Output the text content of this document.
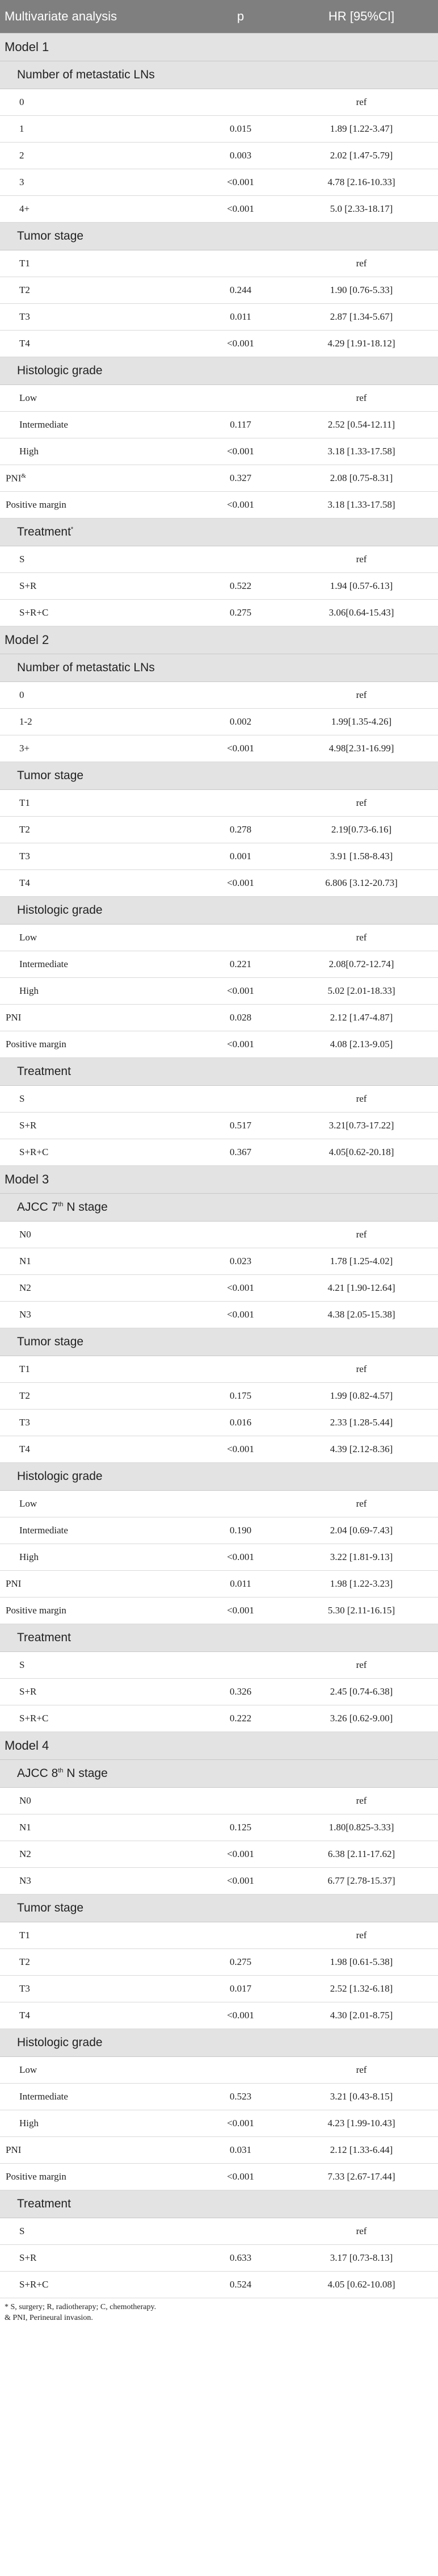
Multivariate analysis	p	HR [95%CI]
Model 1		
Number of metastatic LNs		
0		ref
1	0.015	1.89 [1.22-3.47]
2	0.003	2.02 [1.47-5.79]
3	<0.001	4.78 [2.16-10.33]
4+	<0.001	5.0 [2.33-18.17]
Tumor stage		
T1		ref
T2	0.244	1.90 [0.76-5.33]
T3	0.011	2.87 [1.34-5.67]
T4	<0.001	4.29 [1.91-18.12]
Histologic grade		
Low		ref
Intermediate	0.117	2.52 [0.54-12.11]
High	<0.001	3.18 [1.33-17.58]
PNI&	0.327	2.08 [0.75-8.31]
Positive margin	<0.001	3.18 [1.33-17.58]
Treatment*
S		ref
S+R	0.522	1.94 [0.57-6.13]
S+R+C	0.275	3.06[0.64-15.43]
Model 2		
Number of metastatic LNs		
0		ref
1-2	0.002	1.99[1.35-4.26]
3+	<0.001	4.98[2.31-16.99]
Tumor stage		
T1		ref
T2	0.278	2.19[0.73-6.16]
T3	0.001	3.91 [1.58-8.43]
T4	<0.001	6.806 [3.12-20.73]
Histologic grade		
Low		ref
Intermediate	0.221	2.08[0.72-12.74]
High	<0.001	5.02 [2.01-18.33]
PNI	0.028	2.12 [1.47-4.87]
Positive margin	<0.001	4.08 [2.13-9.05]
Treatment		
S		ref
S+R	0.517	3.21[0.73-17.22]
S+R+C	0.367	4.05[0.62-20.18]
Model 3		
AJCC 7th N stage		
N0		ref
N1	0.023	1.78 [1.25-4.02]
N2	<0.001	4.21 [1.90-12.64]
N3	<0.001	4.38 [2.05-15.38]
Tumor stage		
T1		ref
T2	0.175	1.99 [0.82-4.57]
T3	0.016	2.33 [1.28-5.44]
T4	<0.001	4.39 [2.12-8.36]
Histologic grade		
Low		ref
Intermediate	0.190	2.04 [0.69-7.43]
High	<0.001	3.22 [1.81-9.13]
PNI	0.011	1.98 [1.22-3.23]
Positive margin	<0.001	5.30 [2.11-16.15]
Treatment		
S		ref
S+R	0.326	2.45 [0.74-6.38]
S+R+C	0.222	3.26 [0.62-9.00]
Model 4		
AJCC 8th N stage		
N0		ref
N1	0.125	1.80[0.825-3.33]
N2	<0.001	6.38 [2.11-17.62]
N3	<0.001	6.77 [2.78-15.37]
Tumor stage		
T1		ref
T2	0.275	1.98 [0.61-5.38]
T3	0.017	2.52 [1.32-6.18]
T4	<0.001	4.30 [2.01-8.75]
Histologic grade		
Low		ref
Intermediate	0.523	3.21 [0.43-8.15]
High	<0.001	4.23 [1.99-10.43]
PNI	0.031	2.12 [1.33-6.44]
Positive margin	<0.001	7.33 [2.67-17.44]
Treatment		
S		ref
S+R	0.633	3.17 [0.73-8.13]
S+R+C	0.524	4.05 [0.62-10.08]
* S, surgery; R, radiotherapy; C, chemotherapy.
& PNI, Perineural invasion.
